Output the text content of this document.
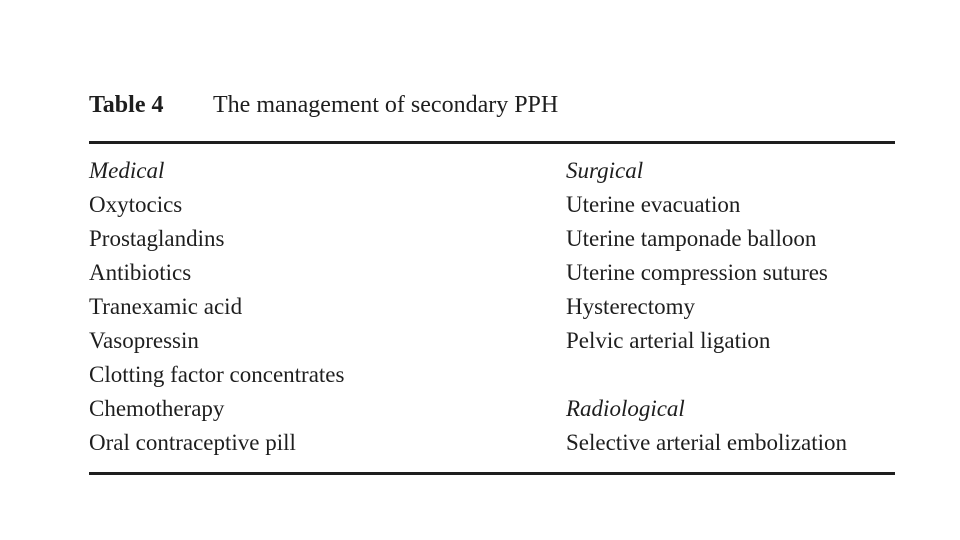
Table 4 The management of secondary PPH
Medical
Oxytocics
Prostaglandins
Antibiotics
Tranexamic acid
Vasopressin
Clotting factor concentrates
Chemotherapy
Oral contraceptive pill
Surgical
Uterine evacuation
Uterine tamponade balloon
Uterine compression sutures
Hysterectomy
Pelvic arterial ligation
Radiological
Selective arterial embolization
